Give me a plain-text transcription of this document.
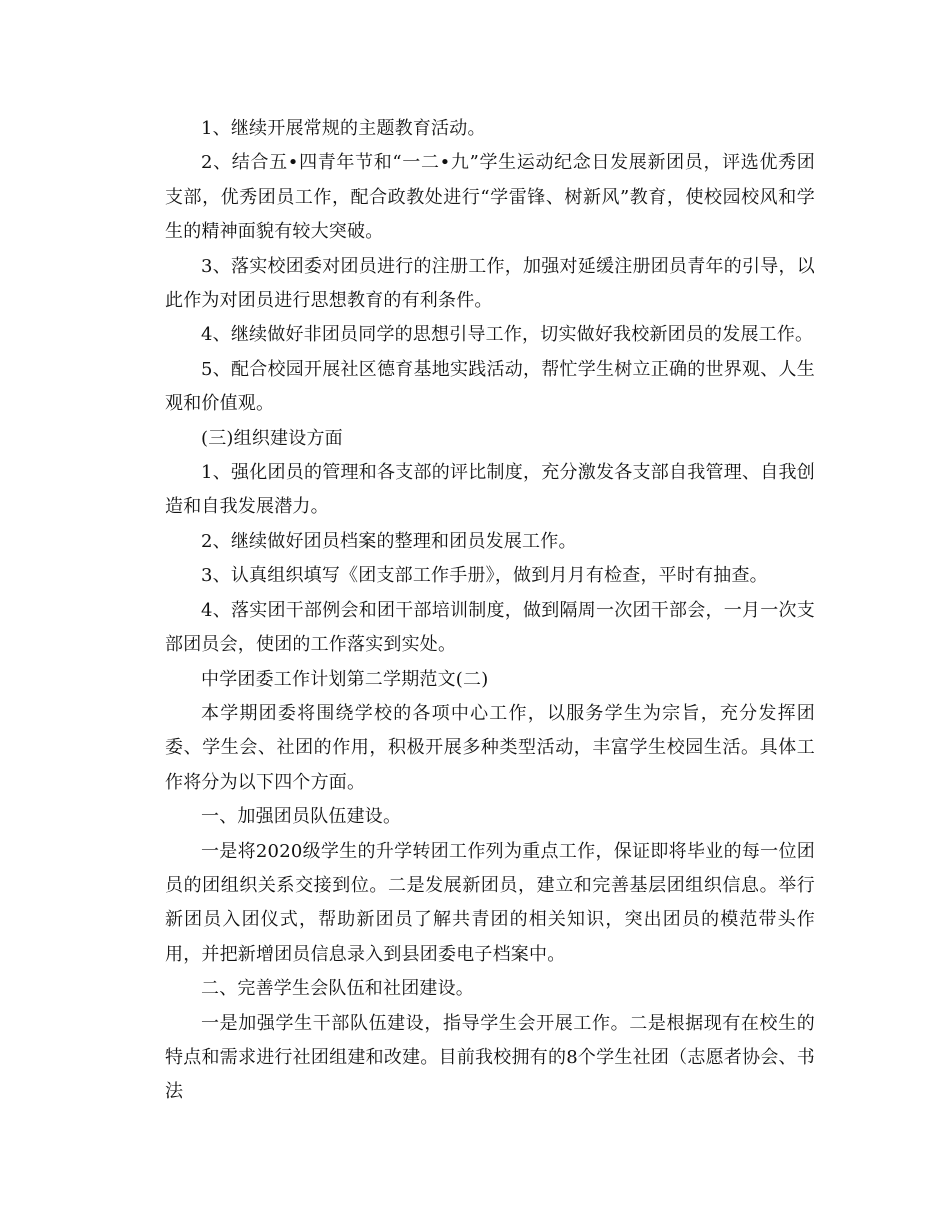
1、继续开展常规的主题教育活动。

2、结合五•四青年节和“一二•九”学生运动纪念日发展新团员，评选优秀团支部，优秀团员工作，配合政教处进行“学雷锋、树新风”教育，使校园校风和学生的精神面貌有较大突破。

3、落实校团委对团员进行的注册工作，加强对延缓注册团员青年的引导，以此作为对团员进行思想教育的有利条件。

4、继续做好非团员同学的思想引导工作，切实做好我校新团员的发展工作。

5、配合校园开展社区德育基地实践活动，帮忙学生树立正确的世界观、人生观和价值观。

(三)组织建设方面

1、强化团员的管理和各支部的评比制度，充分激发各支部自我管理、自我创造和自我发展潜力。

2、继续做好团员档案的整理和团员发展工作。

3、认真组织填写《团支部工作手册》，做到月月有检查，平时有抽查。

4、落实团干部例会和团干部培训制度，做到隔周一次团干部会，一月一次支部团员会，使团的工作落实到实处。

中学团委工作计划第二学期范文(二)

本学期团委将围绕学校的各项中心工作，以服务学生为宗旨，充分发挥团委、学生会、社团的作用，积极开展多种类型活动，丰富学生校园生活。具体工作将分为以下四个方面。

一、加强团员队伍建设。

一是将2020级学生的升学转团工作列为重点工作，保证即将毕业的每一位团员的团组织关系交接到位。二是发展新团员，建立和完善基层团组织信息。举行新团员入团仪式，帮助新团员了解共青团的相关知识，突出团员的模范带头作用，并把新增团员信息录入到县团委电子档案中。

二、完善学生会队伍和社团建设。

一是加强学生干部队伍建设，指导学生会开展工作。二是根据现有在校生的特点和需求进行社团组建和改建。目前我校拥有的8个学生社团（志愿者协会、书法
